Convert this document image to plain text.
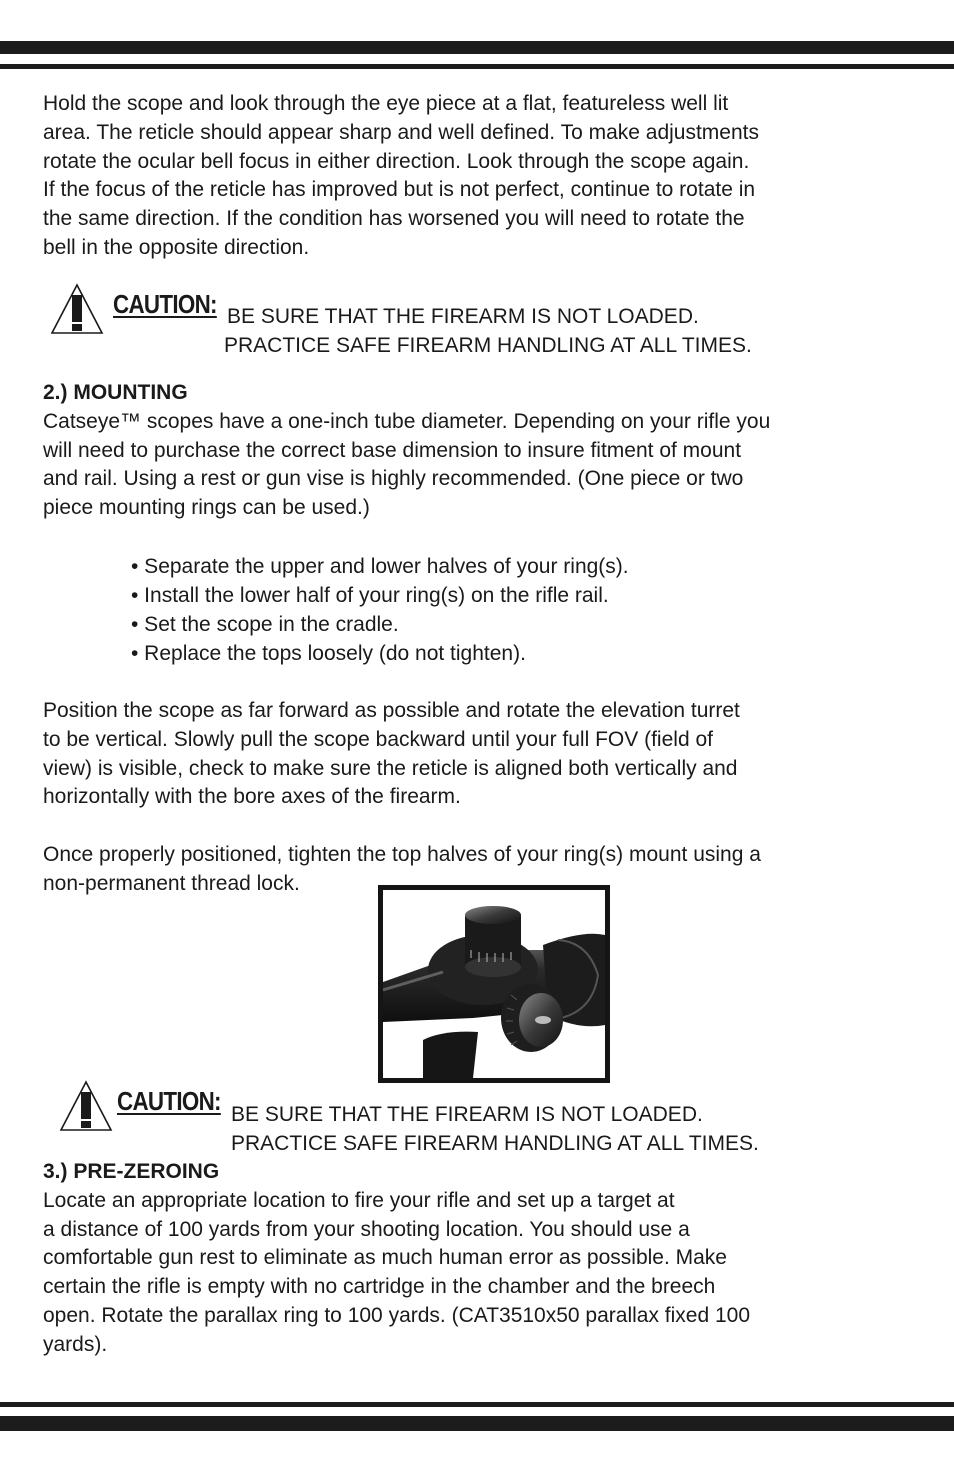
Hold the scope and look through the eye piece at a flat, featureless well lit
area. The reticle should appear sharp and well defined. To make adjustments
rotate the ocular bell focus in either direction. Look through the scope again.
If the focus of the reticle has improved but is not perfect, continue to rotate in
the same direction. If the condition has worsened you will need to rotate the
bell in the opposite direction.

CAUTION: BE SURE THAT THE FIREARM IS NOT LOADED.
PRACTICE SAFE FIREARM HANDLING AT ALL TIMES.

2.) MOUNTING
Catseye™ scopes have a one-inch tube diameter. Depending on your rifle you
will need to purchase the correct base dimension to insure fitment of mount
and rail. Using a rest or gun vise is highly recommended. (One piece or two
piece mounting rings can be used.)

• Separate the upper and lower halves of your ring(s).
• Install the lower half of your ring(s) on the rifle rail.
• Set the scope in the cradle.
• Replace the tops loosely (do not tighten).

Position the scope as far forward as possible and rotate the elevation turret
to be vertical. Slowly pull the scope backward until your full FOV (field of
view) is visible, check to make sure the reticle is aligned both vertically and
horizontally with the bore axes of the firearm.

Once properly positioned, tighten the top halves of your ring(s) mount using a
non-permanent thread lock.

CAUTION: BE SURE THAT THE FIREARM IS NOT LOADED.
PRACTICE SAFE FIREARM HANDLING AT ALL TIMES.

3.) PRE-ZEROING
Locate an appropriate location to fire your rifle and set up a target at
a distance of 100 yards from your shooting location. You should use a
comfortable gun rest to eliminate as much human error as possible. Make
certain the rifle is empty with no cartridge in the chamber and the breech
open. Rotate the parallax ring to 100 yards. (CAT3510x50 parallax fixed 100
yards).
